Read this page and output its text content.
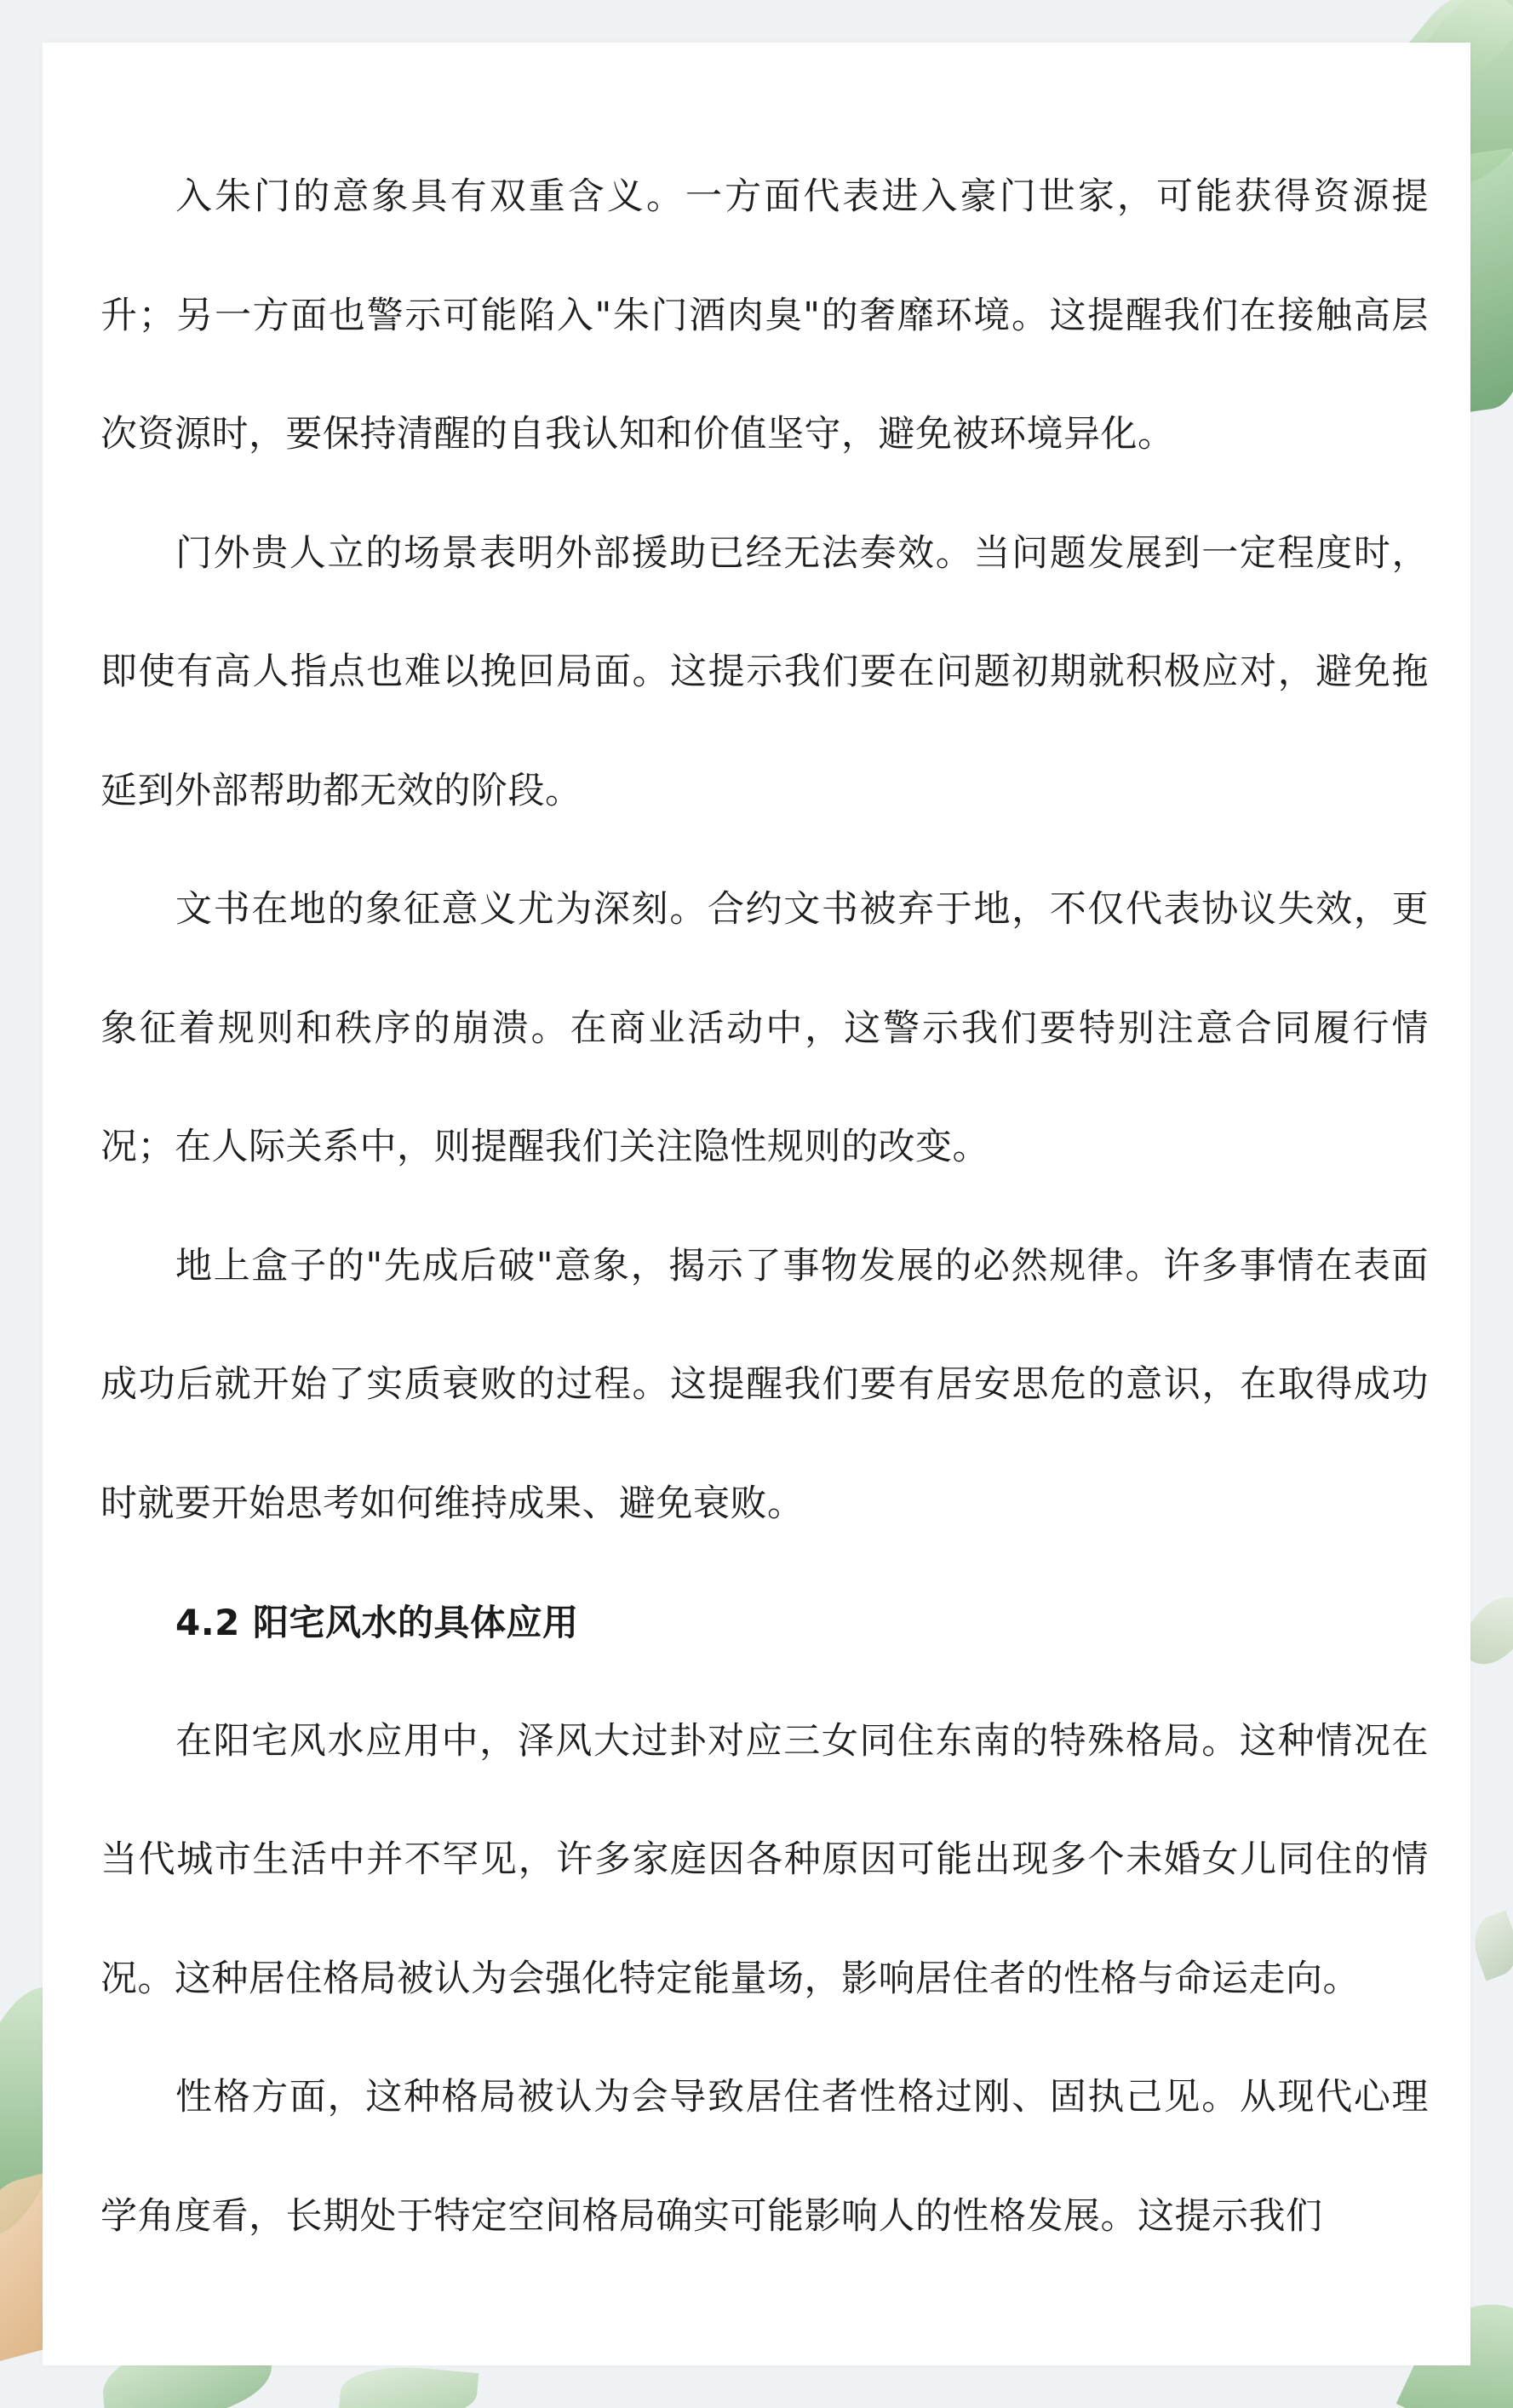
入朱门的意象具有双重含义。一方面代表进入豪门世家，可能获得资源提升；另一方面也警示可能陷入"朱门酒肉臭"的奢靡环境。这提醒我们在接触高层次资源时，要保持清醒的自我认知和价值坚守，避免被环境异化。

门外贵人立的场景表明外部援助已经无法奏效。当问题发展到一定程度时，即使有高人指点也难以挽回局面。这提示我们要在问题初期就积极应对，避免拖延到外部帮助都无效的阶段。

文书在地的象征意义尤为深刻。合约文书被弃于地，不仅代表协议失效，更象征着规则和秩序的崩溃。在商业活动中，这警示我们要特别注意合同履行情况；在人际关系中，则提醒我们关注隐性规则的改变。

地上盒子的"先成后破"意象，揭示了事物发展的必然规律。许多事情在表面成功后就开始了实质衰败的过程。这提醒我们要有居安思危的意识，在取得成功时就要开始思考如何维持成果、避免衰败。

4.2 阳宅风水的具体应用

在阳宅风水应用中，泽风大过卦对应三女同住东南的特殊格局。这种情况在当代城市生活中并不罕见，许多家庭因各种原因可能出现多个未婚女儿同住的情况。这种居住格局被认为会强化特定能量场，影响居住者的性格与命运走向。

性格方面，这种格局被认为会导致居住者性格过刚、固执己见。从现代心理学角度看，长期处于特定空间格局确实可能影响人的性格发展。这提示我们
